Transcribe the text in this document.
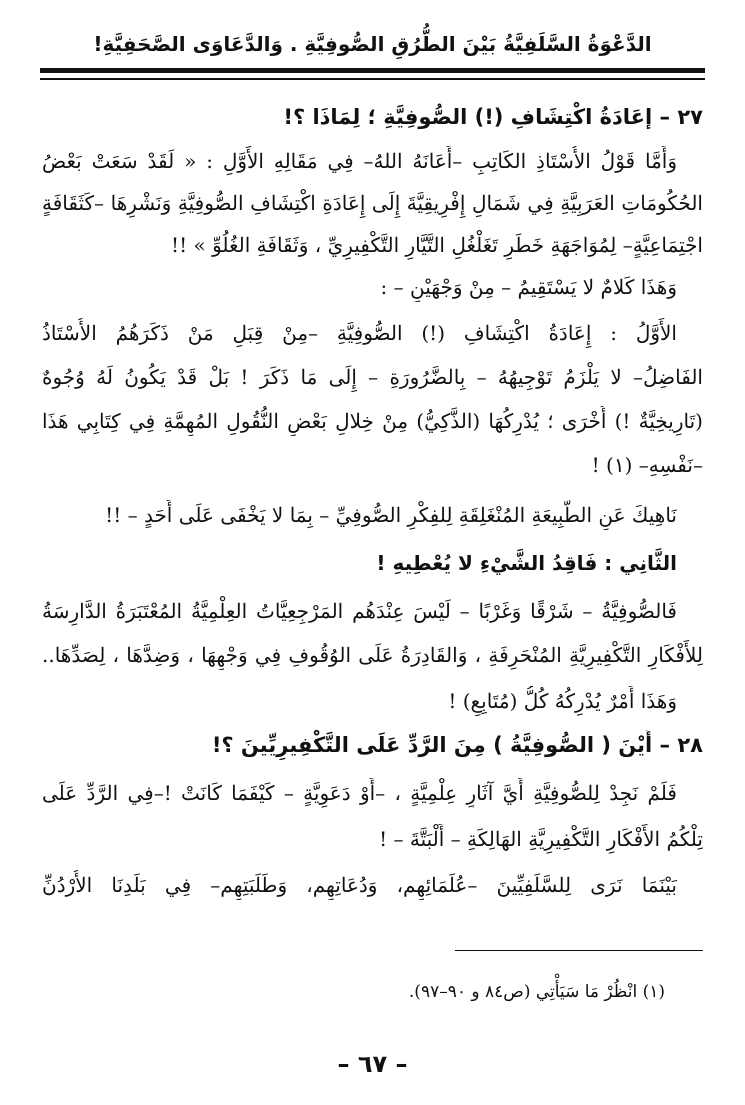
الدَّعْوَةُ السَّلَفِيَّةُ بَيْنَ الطُّرُقِ الصُّوفِيَّةِ . وَالدَّعَاوَى الصَّحَفِيَّةِ!
٢٧ – إعَادَةُ اكْتِشَافِ (!) الصُّوفِيَّةِ ؛ لِمَاذَا ؟!
وَأَمَّا قَوْلُ الأُسْتَاذِ الكَاتِبِ –أَعَانَهُ اللهُ– فِي مَقَالِهِ الأَوَّلِ : « لَقَدْ سَعَتْ بَعْضُ
الحُكُومَاتِ العَرَبِيَّةِ فِي شَمَالِ إِفْرِيقِيَّةَ إِلَى إِعَادَةِ اكْتِشَافِ الصُّوفِيَّةِ وَنَشْرِهَا –كَثَقَافَةٍ
اجْتِمَاعِيَّةٍ– لِمُوَاجَهَةِ خَطَرِ تَغَلْغُلِ التَّيَّارِ التَّكْفِيرِيِّ ، وَثَقَافَةِ الغُلُوِّ » !!
وَهَذَا كَلامٌ لا يَسْتَقِيمُ – مِنْ وَجْهَيْنِ – :
الأَوَّلُ : إِعَادَةُ اكْتِشَافِ (!) الصُّوفِيَّةِ –مِنْ قِبَلِ مَنْ ذَكَرَهُمُ الأُسْتَاذُ
الفَاضِلُ– لا يَلْزَمُ تَوْجِيهُهُ – بِالضَّرُورَةِ – إِلَى مَا ذَكَرَ ! بَلْ قَدْ يَكُونُ لَهُ وُجُوهٌ
(تَارِيخِيَّةٌ !) أُخْرَى ؛ يُدْرِكُهَا (الذَّكِيُّ) مِنْ خِلالِ بَعْضِ النُّقُولِ المُهِمَّةِ فِي كِتَابِي هَذَا
–نَفْسِهِ– (١) !
نَاهِيكَ عَنِ الطَّبِيعَةِ المُنْغَلِقَةِ لِلفِكْرِ الصُّوفِيِّ – بِمَا لا يَخْفَى عَلَى أَحَدٍ – !!
الثَّانِي : فَاقِدُ الشَّيْءِ لا يُعْطِيهِ !
فَالصُّوفِيَّةُ – شَرْقًا وَغَرْبًا – لَيْسَ عِنْدَهُم المَرْجِعِيَّاتُ العِلْمِيَّةُ المُعْتَبَرَةُ الدَّارِسَةُ
لِلأَفْكَارِ التَّكْفِيرِيَّةِ المُنْحَرِفَةِ ، وَالقَادِرَةُ عَلَى الوُقُوفِ فِي وَجْهِهَا ، وَضِدَّهَا ، لِصَدِّهَا..
وَهَذَا أَمْرٌ يُدْرِكُهُ كُلُّ (مُتَابِعٍ) !
٢٨ – أَيْنَ ( الصُّوفِيَّةُ ) مِنَ الرَّدِّ عَلَى التَّكْفِيرِيِّينَ ؟!
فَلَمْ نَجِدْ لِلصُّوفِيَّةِ أَيَّ آثَارٍ عِلْمِيَّةٍ ، –أَوْ دَعَوِيَّةٍ – كَيْفَمَا كَانَتْ !–فِي الرَّدِّ عَلَى
تِلْكُمُ الأَفْكَارِ التَّكْفِيرِيَّةِ الهَالِكَةِ – أَلْبَتَّةَ – !
بَيْنَمَا نَرَى لِلسَّلَفِيِّينَ –عُلَمَائِهِم، وَدُعَاتِهِم، وَطَلَبَتِهِم– فِي بَلَدِنَا الأُرْدُنِّ
(١) انْظُرْ مَا سَيَأْتِي (ص٨٤ و ٩٠–٩٧).
– ٦٧ –
